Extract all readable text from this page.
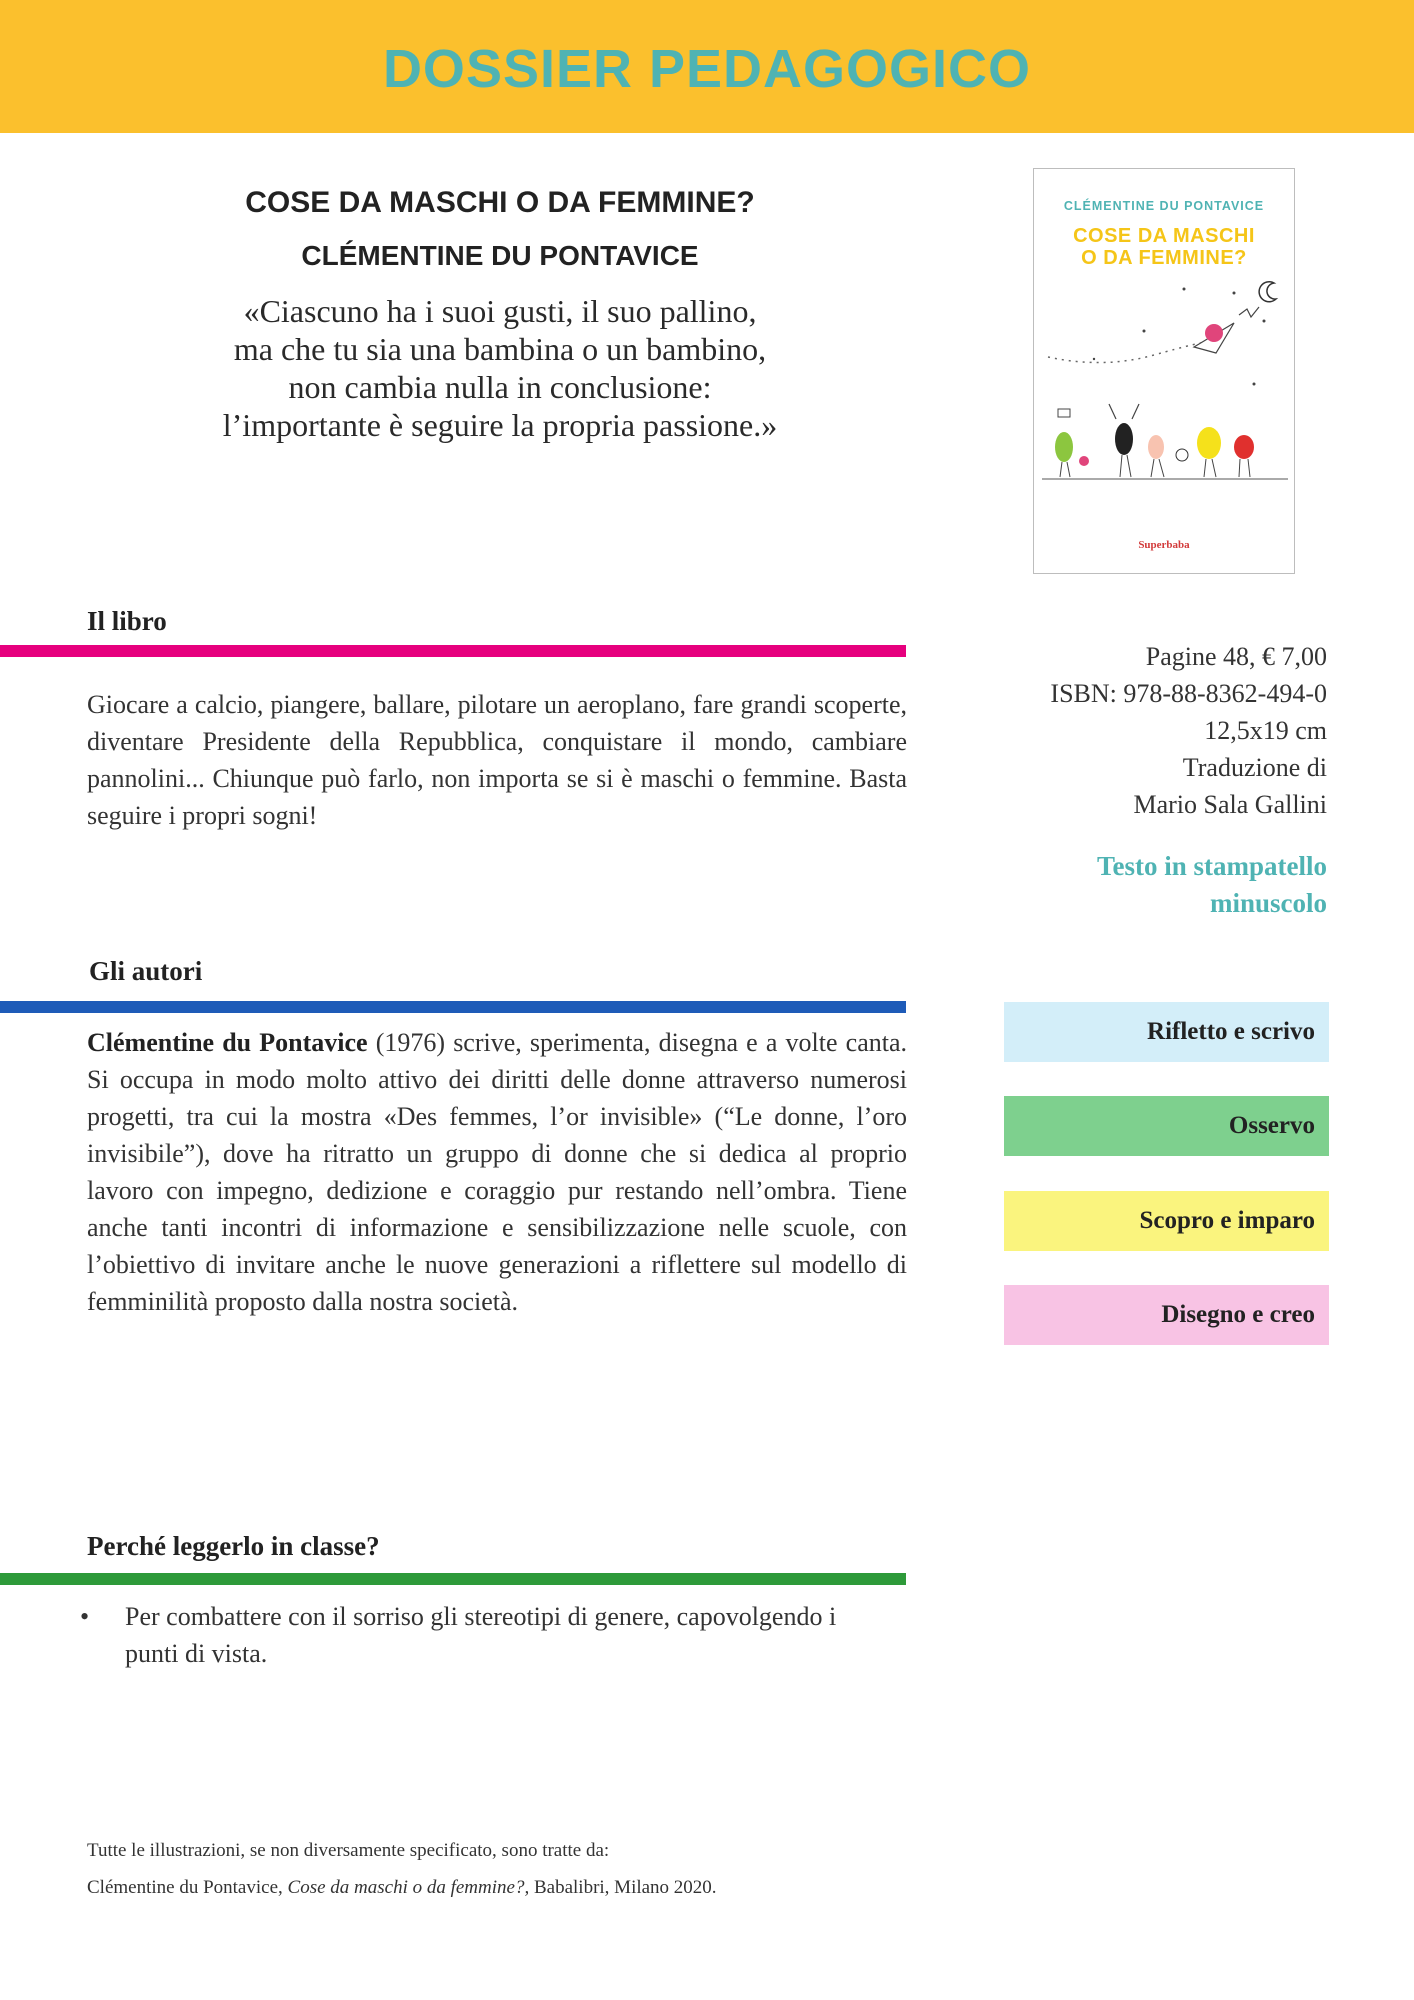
DOSSIER PEDAGOGICO
COSE DA MASCHI O DA FEMMINE?
CLÉMENTINE DU PONTAVICE
«Ciascuno ha i suoi gusti, il suo pallino,
ma che tu sia una bambina o un bambino,
non cambia nulla in conclusione:
l’importante è seguire la propria passione.»
CLÉMENTINE DU PONTAVICE
COSE DA MASCHI
O DA FEMMINE?
Superbaba
Il libro
Giocare a calcio, piangere, ballare, pilotare un aeroplano, fare grandi scoperte, diventare Presidente della Repubblica, conquistare il mondo, cambiare pannolini... Chiunque può farlo, non importa se si è maschi o femmine. Basta seguire i propri sogni!
Pagine 48, € 7,00
ISBN: 978-88-8362-494-0
12,5x19 cm
Traduzione di
Mario Sala Gallini
Testo in stampatello
minuscolo
Gli autori
Clémentine du Pontavice (1976) scrive, sperimenta, disegna e a volte canta. Si occupa in modo molto attivo dei diritti delle donne attraverso numerosi progetti, tra cui la mostra «Des femmes, l’or invisible» (“Le donne, l’oro invisibile”), dove ha ritratto un gruppo di donne che si dedica al proprio lavoro con impegno, dedizione e coraggio pur restando nell’ombra. Tiene anche tanti incontri di informazione e sensibilizzazione nelle scuole, con l’obiettivo di invitare anche le nuove generazioni a riflettere sul modello di femminilità proposto dalla nostra società.
Rifletto e scrivo
Osservo
Scopro e imparo
Disegno e creo
Perché leggerlo in classe?
• Per combattere con il sorriso gli stereotipi di genere, capovolgendo i punti di vista.
Tutte le illustrazioni, se non diversamente specificato, sono tratte da:
Clémentine du Pontavice, Cose da maschi o da femmine?, Babalibri, Milano 2020.
